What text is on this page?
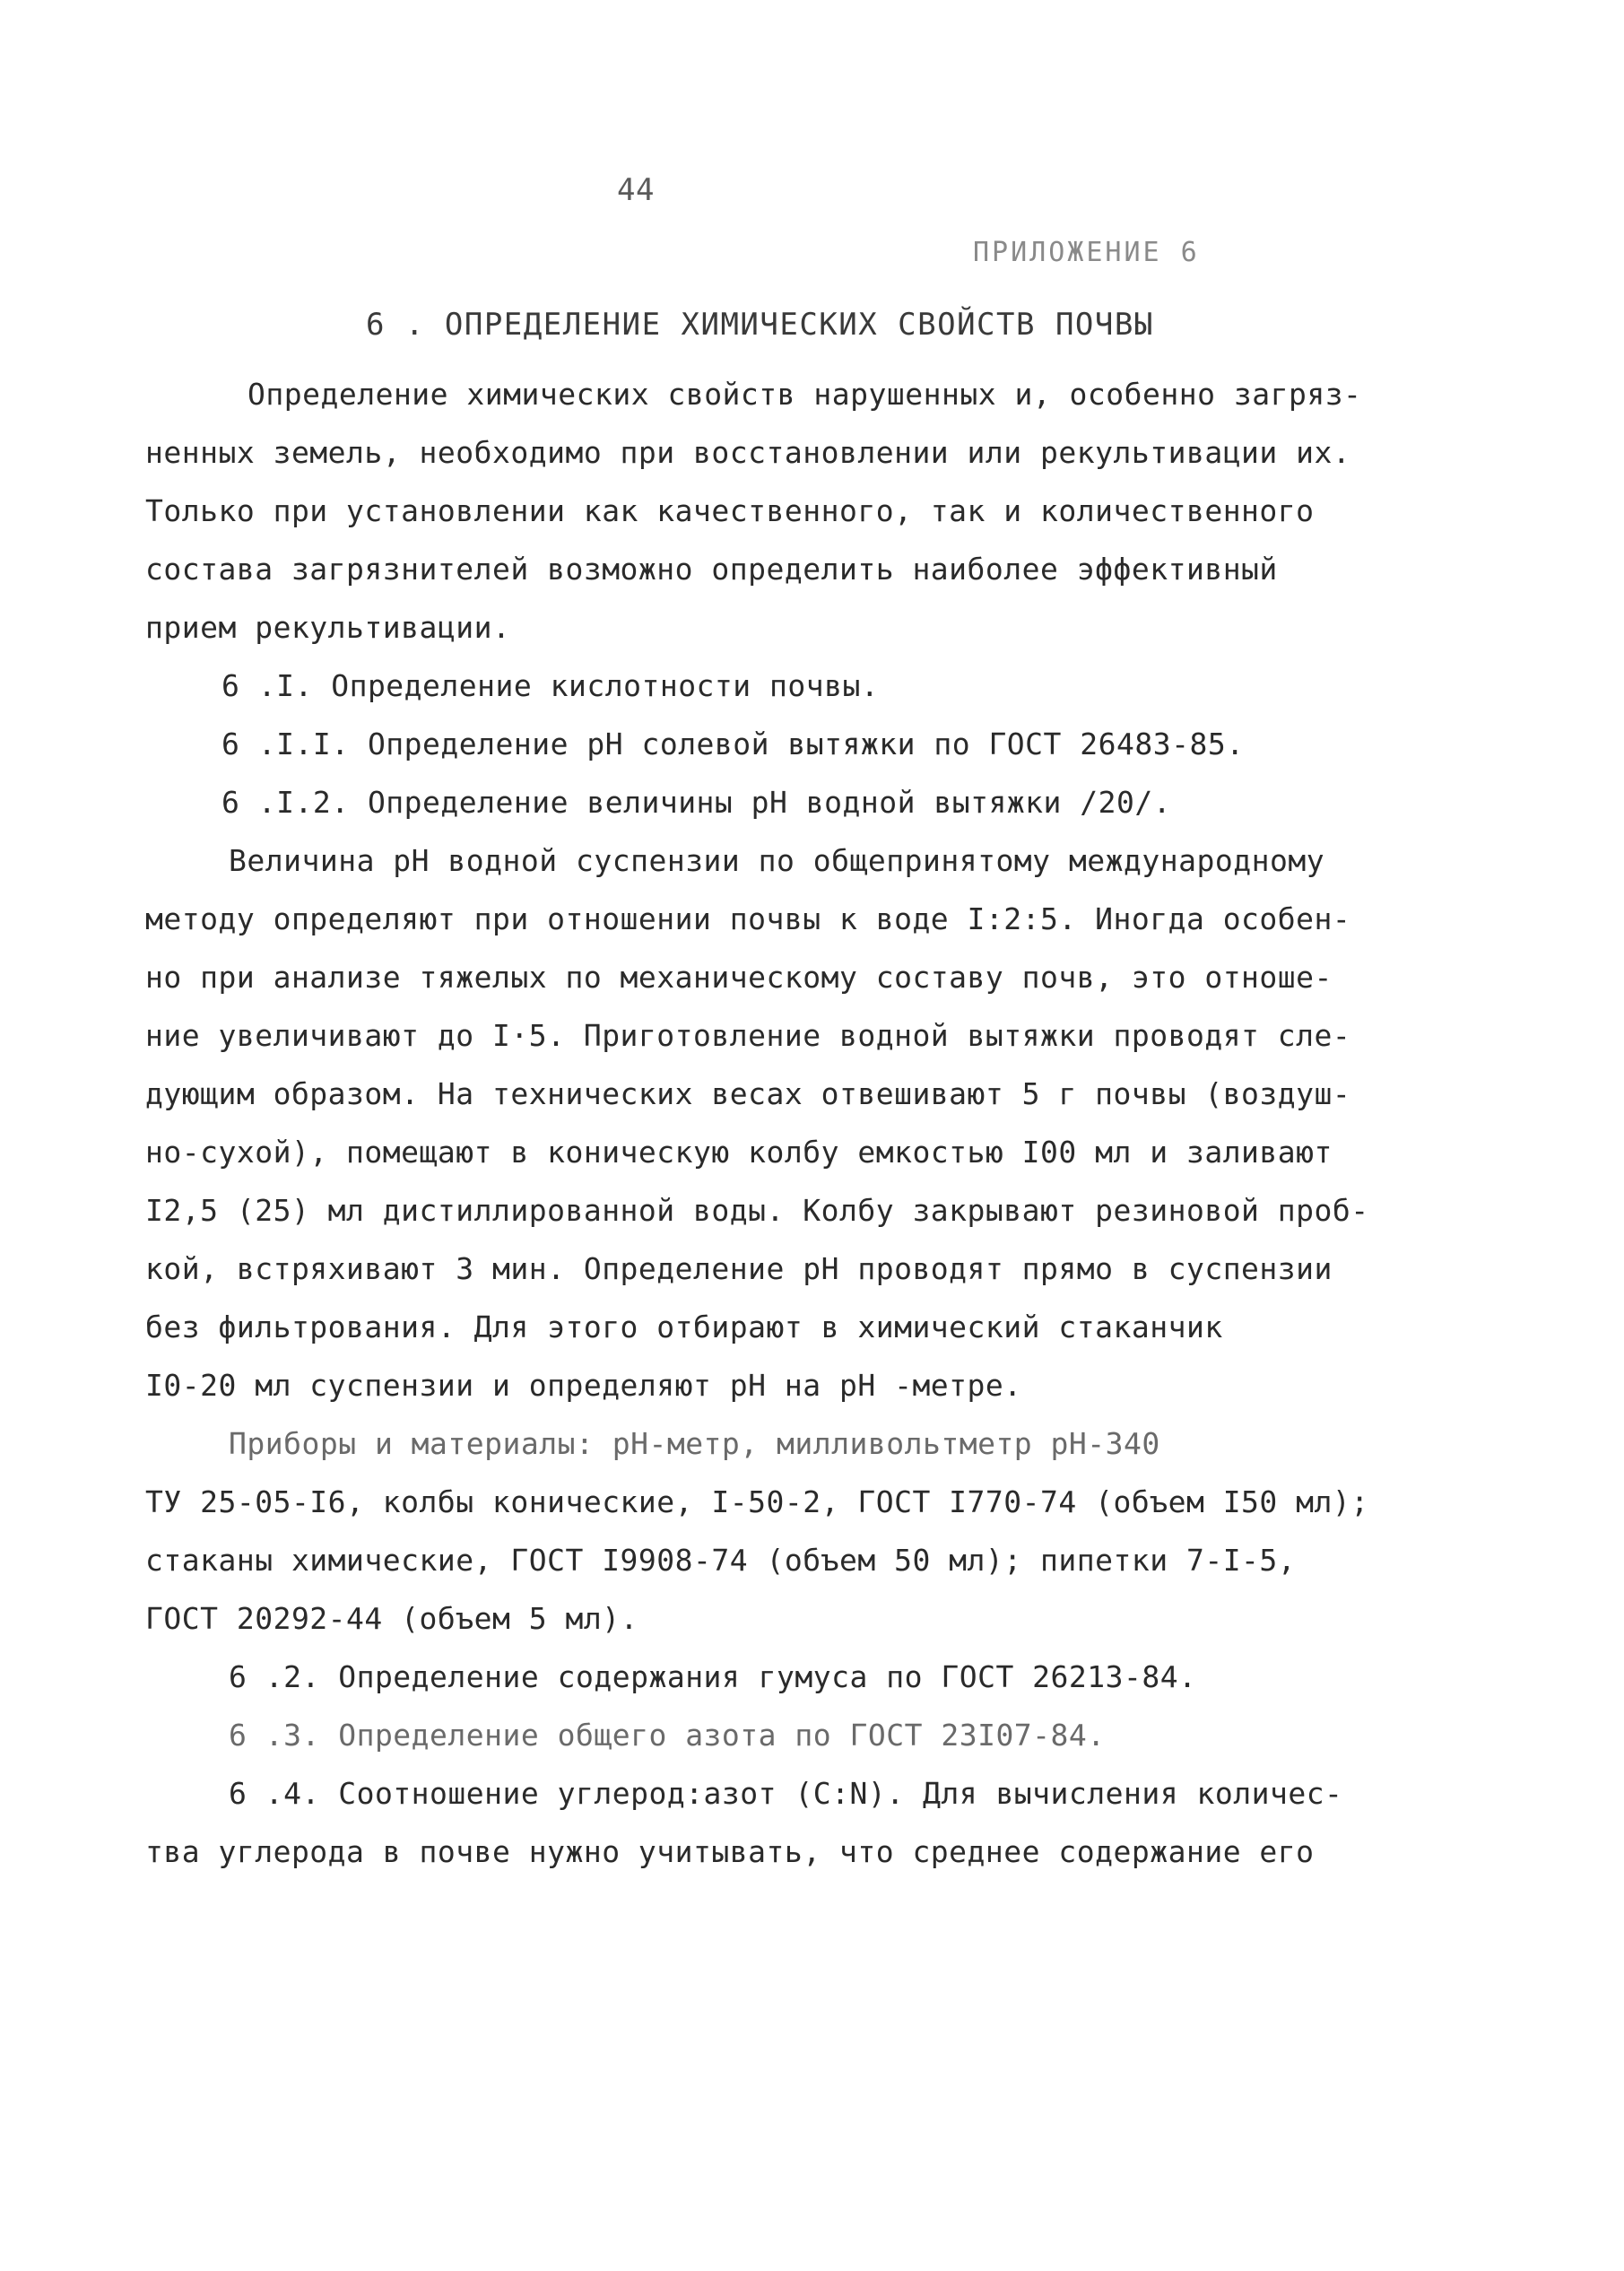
44
ПРИЛОЖЕНИЕ 6
6 . ОПРЕДЕЛЕНИЕ ХИМИЧЕСКИХ СВОЙСТВ ПОЧВЫ
Определение химических свойств нарушенных и, особенно загряз-
ненных земель, необходимо при восстановлении или рекультивации их.
Только при установлении как качественного, так и количественного
состава загрязнителей возможно определить наиболее эффективный
прием рекультивации.
6 .I. Определение кислотности почвы.
6 .I.I. Определение рН солевой вытяжки по ГОСТ 26483-85.
6 .I.2. Определение величины рН водной вытяжки /20/.
Величина рН водной суспензии по общепринятому международному
методу определяют при отношении почвы к воде I:2:5. Иногда особен-
но при анализе тяжелых по механическому составу почв, это отноше-
ние увеличивают до I·5. Приготовление водной вытяжки проводят сле-
дующим образом. На технических весах отвешивают 5 г почвы (воздуш-
но-сухой), помещают в коническую колбу емкостью I00 мл и заливают
I2,5 (25) мл дистиллированной воды. Колбу закрывают резиновой проб-
кой, встряхивают 3 мин. Определение рН проводят прямо в суспензии
без фильтрования. Для этого отбирают в химический стаканчик
I0-20 мл суспензии и определяют рН на рН -метре.
Приборы и материалы: рН-метр, милливольтметр рН-340
ТУ 25-05-I6, колбы конические, I-50-2, ГОСТ I770-74 (объем I50 мл);
стаканы химические, ГОСТ I9908-74 (объем 50 мл); пипетки 7-I-5,
ГОСТ 20292-44 (объем 5 мл).
6 .2. Определение содержания гумуса по ГОСТ 26213-84.
6 .3. Определение общего азота по ГОСТ 23I07-84.
6 .4. Соотношение углерод:азот (С:N). Для вычисления количес-
тва углерода в почве нужно учитывать, что среднее содержание его
